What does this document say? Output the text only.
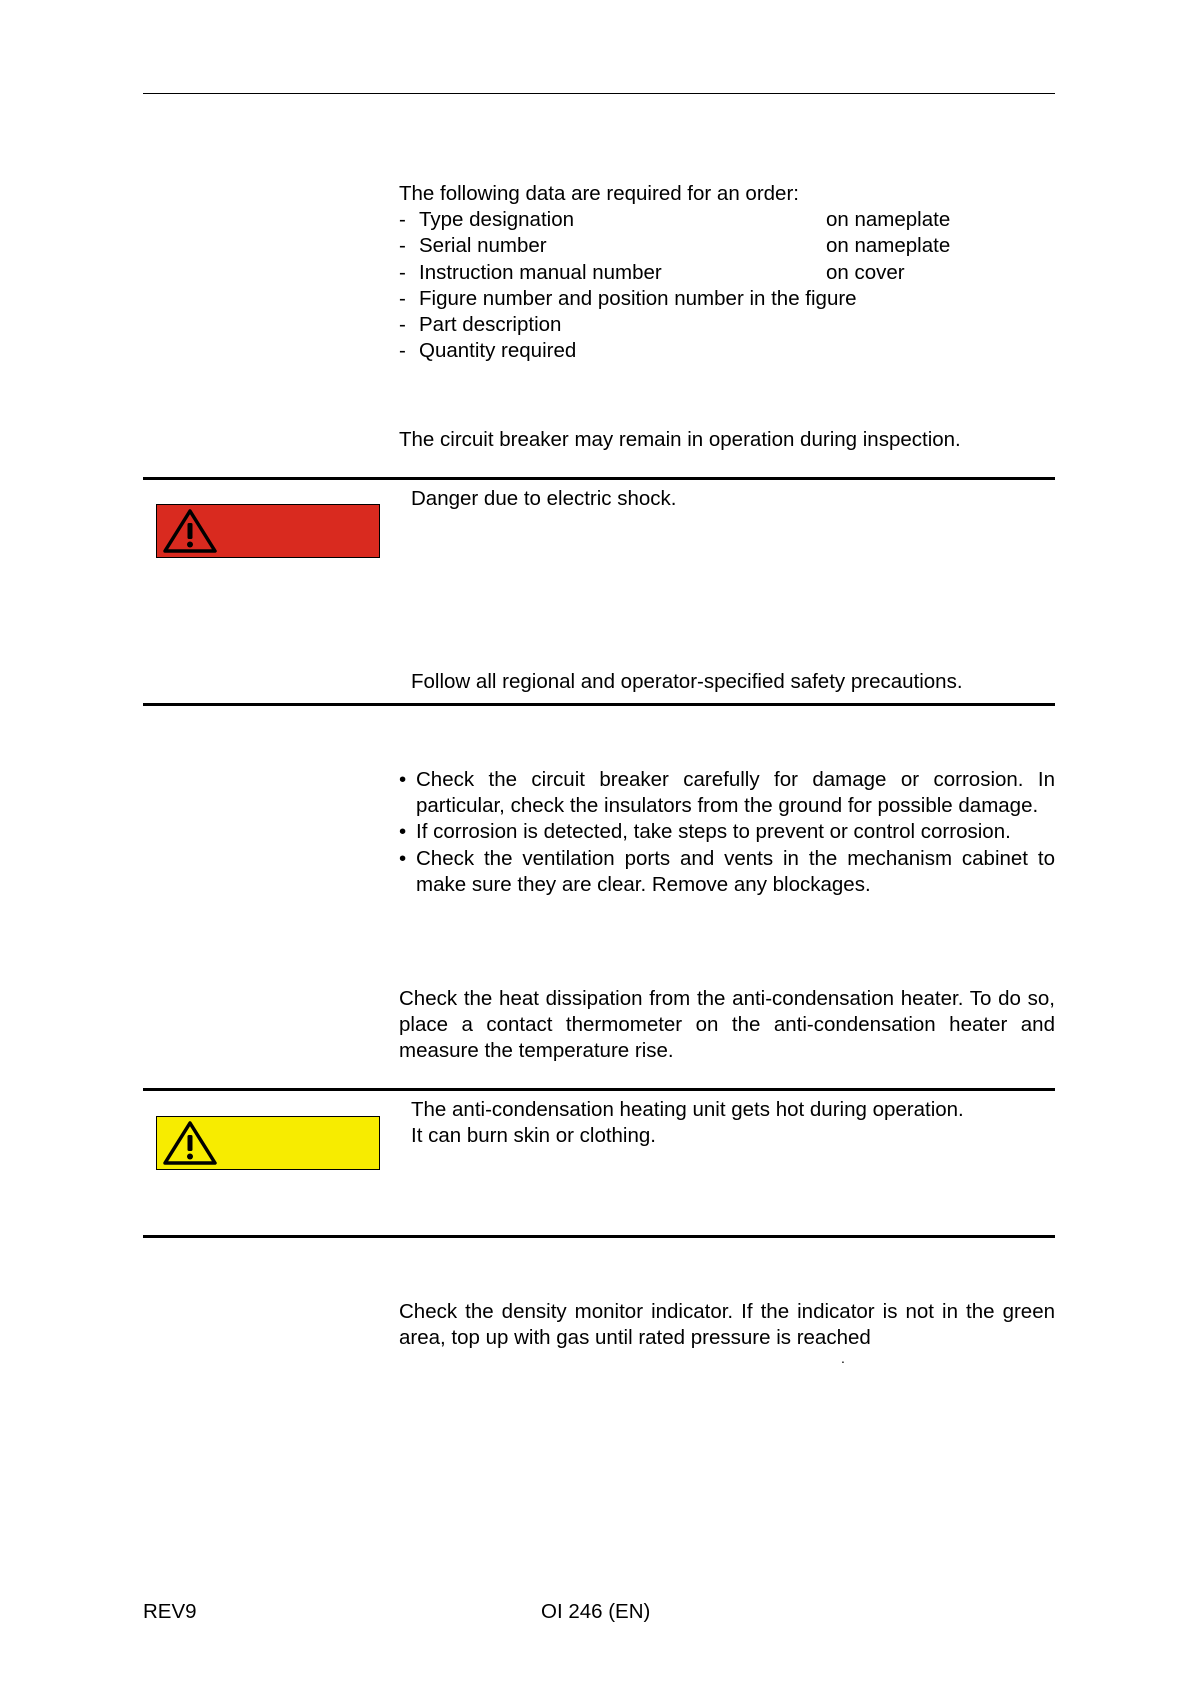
The following data are required for an order:
- Type designation	on nameplate
- Serial number	on nameplate
- Instruction manual number	on cover
- Figure number and position number in the figure
- Part description
- Quantity required
The circuit breaker may remain in operation during inspection.
Danger due to electric shock.
Follow all regional and operator-specified safety precautions.
• Check the circuit breaker carefully for damage or corrosion. In particular, check the insulators from the ground for possible damage.
• If corrosion is detected, take steps to prevent or control corrosion.
• Check the ventilation ports and vents in the mechanism cabinet to make sure they are clear. Remove any blockages.
Check the heat dissipation from the anti-condensation heater. To do so, place a contact thermometer on the anti-condensation heater and measure the temperature rise.
The anti-condensation heating unit gets hot during operation.
It can burn skin or clothing.
Check the density monitor indicator. If the indicator is not in the green area, top up with gas until rated pressure is reached
.
REV9	OI 246 (EN)
